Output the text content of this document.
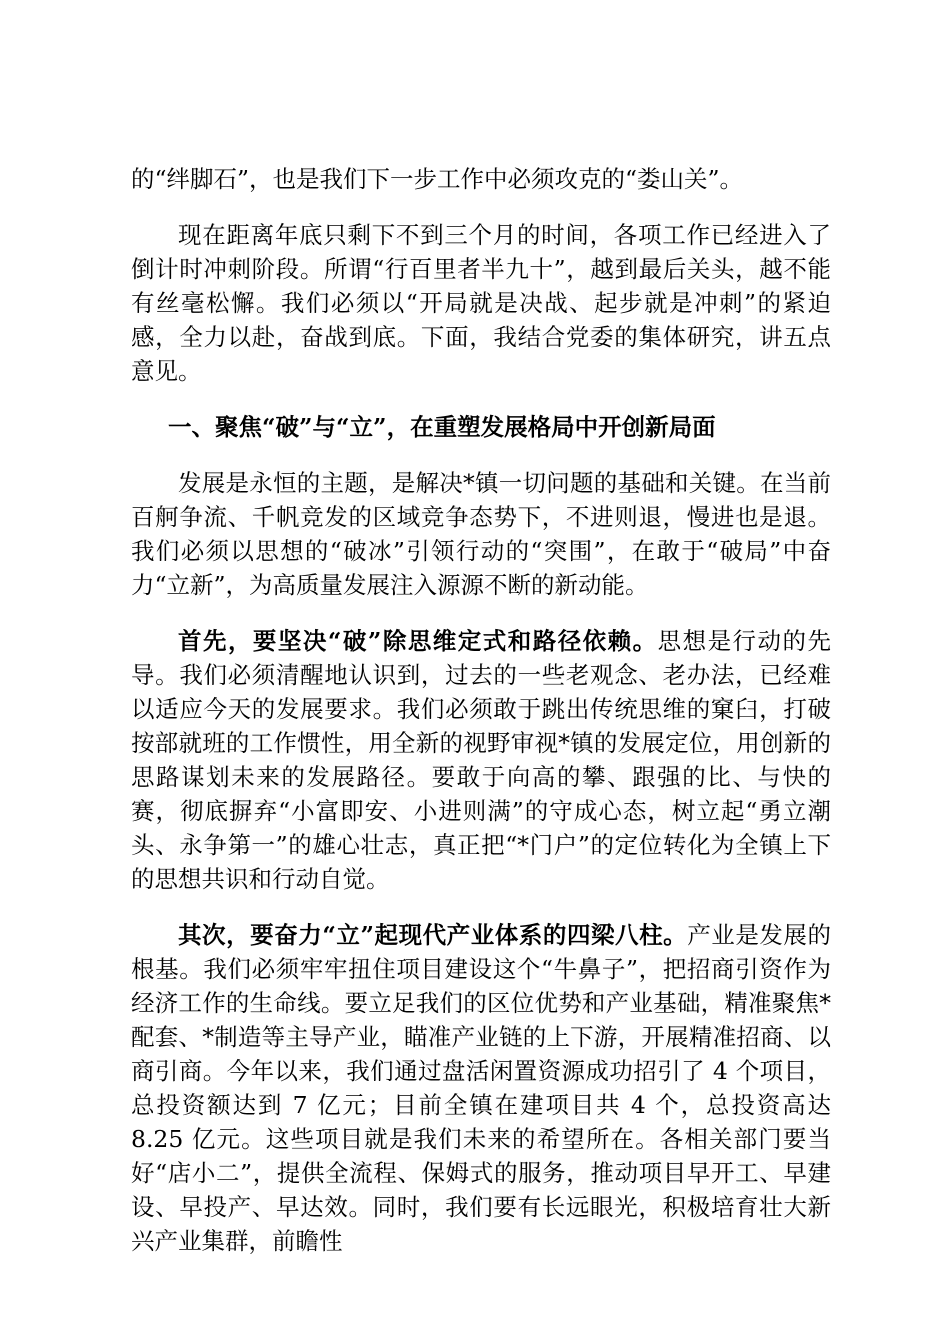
的“绊脚石”，也是我们下一步工作中必须攻克的“娄山关”。

现在距离年底只剩下不到三个月的时间，各项工作已经进入了倒计时冲刺阶段。所谓“行百里者半九十”，越到最后关头，越不能有丝毫松懈。我们必须以“开局就是决战、起步就是冲刺”的紧迫感，全力以赴，奋战到底。下面，我结合党委的集体研究，讲五点意见。

一、聚焦“破”与“立”，在重塑发展格局中开创新局面

发展是永恒的主题，是解决*镇一切问题的基础和关键。在当前百舸争流、千帆竞发的区域竞争态势下，不进则退，慢进也是退。我们必须以思想的“破冰”引领行动的“突围”，在敢于“破局”中奋力“立新”，为高质量发展注入源源不断的新动能。

首先，要坚决“破”除思维定式和路径依赖。思想是行动的先导。我们必须清醒地认识到，过去的一些老观念、老办法，已经难以适应今天的发展要求。我们必须敢于跳出传统思维的窠臼，打破按部就班的工作惯性，用全新的视野审视*镇的发展定位，用创新的思路谋划未来的发展路径。要敢于向高的攀、跟强的比、与快的赛，彻底摒弃“小富即安、小进则满”的守成心态，树立起“勇立潮头、永争第一”的雄心壮志，真正把“*门户”的定位转化为全镇上下的思想共识和行动自觉。

其次，要奋力“立”起现代产业体系的四梁八柱。产业是发展的根基。我们必须牢牢扭住项目建设这个“牛鼻子”，把招商引资作为经济工作的生命线。要立足我们的区位优势和产业基础，精准聚焦*配套、*制造等主导产业，瞄准产业链的上下游，开展精准招商、以商引商。今年以来，我们通过盘活闲置资源成功招引了 4 个项目，总投资额达到 7 亿元；目前全镇在建项目共 4 个，总投资高达 8.25 亿元。这些项目就是我们未来的希望所在。各相关部门要当好“店小二”，提供全流程、保姆式的服务，推动项目早开工、早建设、早投产、早达效。同时，我们要有长远眼光，积极培育壮大新兴产业集群，前瞻性
